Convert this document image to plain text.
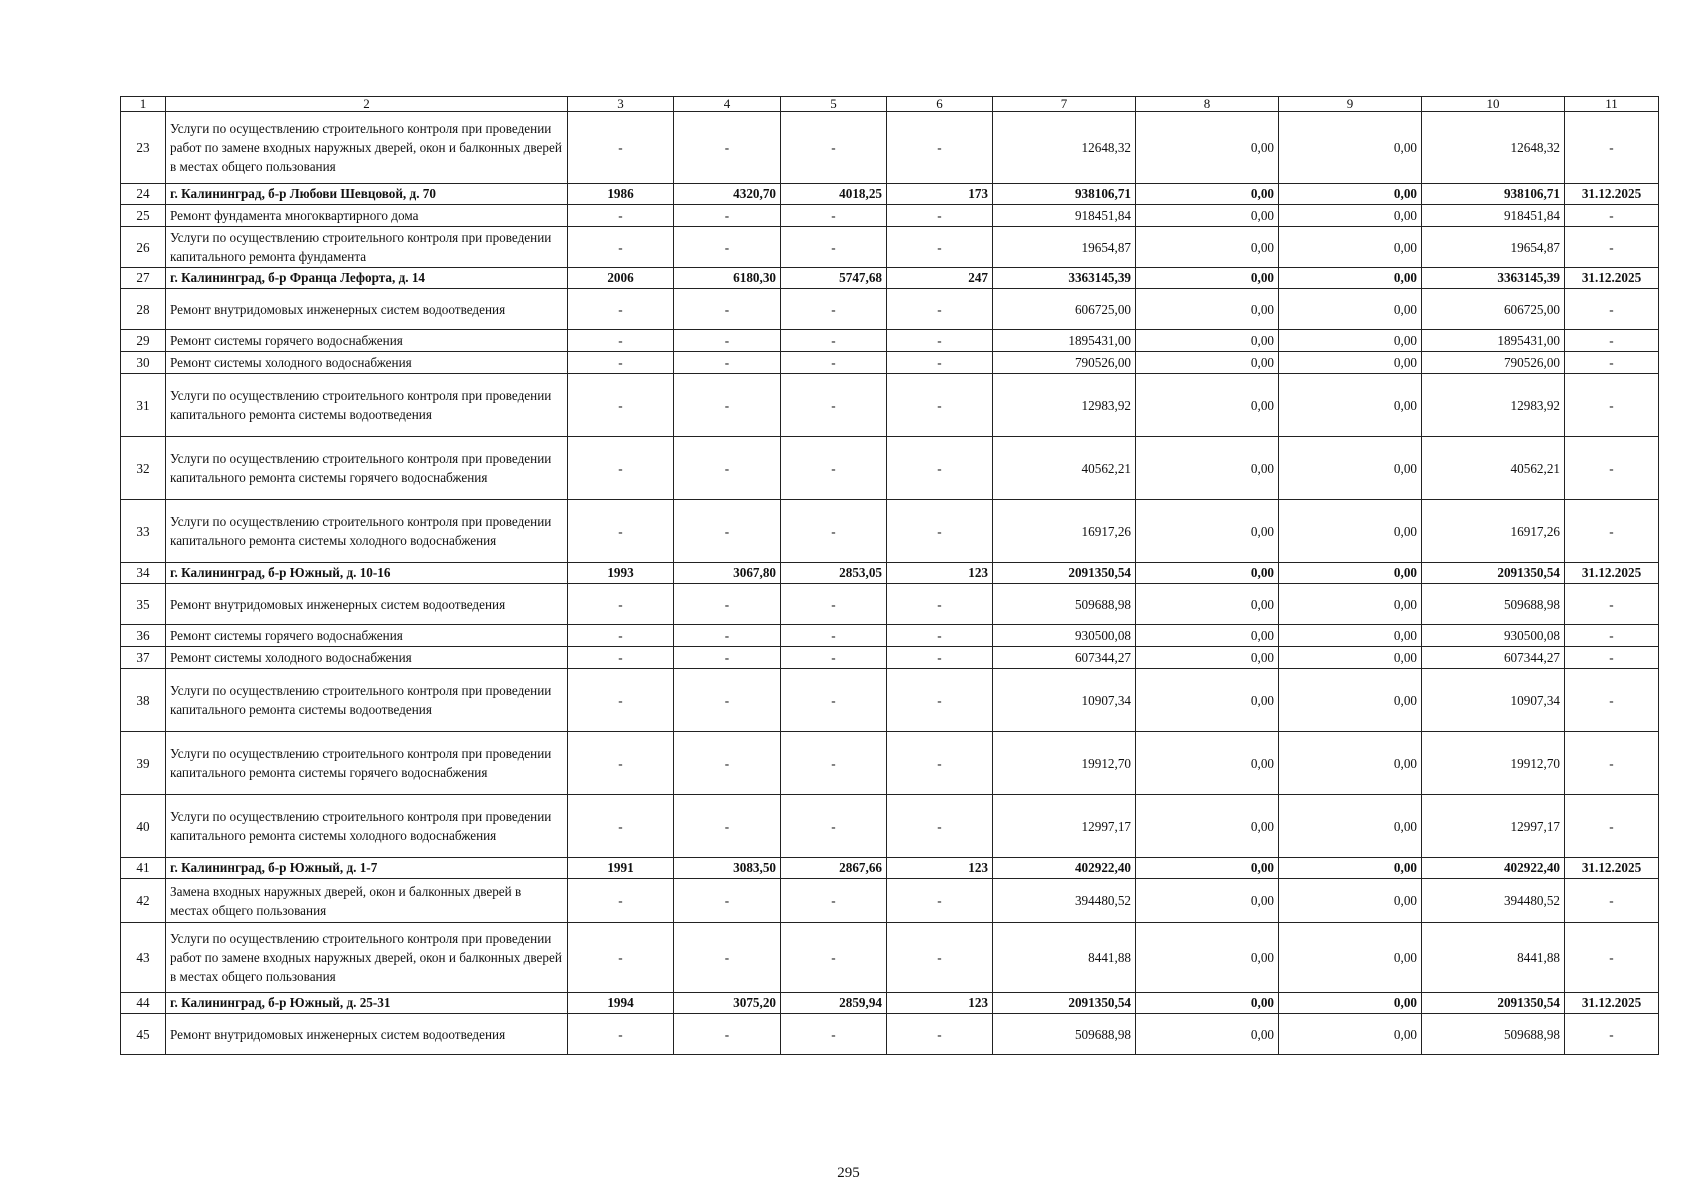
1	2	3	4	5	6	7	8	9	10	11
23	Услуги по осуществлению строительного контроля при проведении работ по замене входных наружных дверей, окон и балконных дверей в местах общего пользования	-	-	-	-	12648,32	0,00	0,00	12648,32	-
24	г. Калининград, б-р Любови Шевцовой, д. 70	1986	4320,70	4018,25	173	938106,71	0,00	0,00	938106,71	31.12.2025
25	Ремонт фундамента многоквартирного дома	-	-	-	-	918451,84	0,00	0,00	918451,84	-
26	Услуги по осуществлению строительного контроля при проведении капитального ремонта фундамента	-	-	-	-	19654,87	0,00	0,00	19654,87	-
27	г. Калининград, б-р Франца Лефорта, д. 14	2006	6180,30	5747,68	247	3363145,39	0,00	0,00	3363145,39	31.12.2025
28	Ремонт внутридомовых инженерных систем водоотведения	-	-	-	-	606725,00	0,00	0,00	606725,00	-
29	Ремонт системы горячего водоснабжения	-	-	-	-	1895431,00	0,00	0,00	1895431,00	-
30	Ремонт системы холодного водоснабжения	-	-	-	-	790526,00	0,00	0,00	790526,00	-
31	Услуги по осуществлению строительного контроля при проведении капитального ремонта системы водоотведения	-	-	-	-	12983,92	0,00	0,00	12983,92	-
32	Услуги по осуществлению строительного контроля при проведении капитального ремонта системы горячего водоснабжения	-	-	-	-	40562,21	0,00	0,00	40562,21	-
33	Услуги по осуществлению строительного контроля при проведении капитального ремонта системы холодного водоснабжения	-	-	-	-	16917,26	0,00	0,00	16917,26	-
34	г. Калининград, б-р Южный, д. 10-16	1993	3067,80	2853,05	123	2091350,54	0,00	0,00	2091350,54	31.12.2025
35	Ремонт внутридомовых инженерных систем водоотведения	-	-	-	-	509688,98	0,00	0,00	509688,98	-
36	Ремонт системы горячего водоснабжения	-	-	-	-	930500,08	0,00	0,00	930500,08	-
37	Ремонт системы холодного водоснабжения	-	-	-	-	607344,27	0,00	0,00	607344,27	-
38	Услуги по осуществлению строительного контроля при проведении капитального ремонта системы водоотведения	-	-	-	-	10907,34	0,00	0,00	10907,34	-
39	Услуги по осуществлению строительного контроля при проведении капитального ремонта системы горячего водоснабжения	-	-	-	-	19912,70	0,00	0,00	19912,70	-
40	Услуги по осуществлению строительного контроля при проведении капитального ремонта системы холодного водоснабжения	-	-	-	-	12997,17	0,00	0,00	12997,17	-
41	г. Калининград, б-р Южный, д. 1-7	1991	3083,50	2867,66	123	402922,40	0,00	0,00	402922,40	31.12.2025
42	Замена входных наружных дверей, окон и балконных дверей в местах общего пользования	-	-	-	-	394480,52	0,00	0,00	394480,52	-
43	Услуги по осуществлению строительного контроля при проведении работ по замене входных наружных дверей, окон и балконных дверей в местах общего пользования	-	-	-	-	8441,88	0,00	0,00	8441,88	-
44	г. Калининград, б-р Южный, д. 25-31	1994	3075,20	2859,94	123	2091350,54	0,00	0,00	2091350,54	31.12.2025
45	Ремонт внутридомовых инженерных систем водоотведения	-	-	-	-	509688,98	0,00	0,00	509688,98	-
295
